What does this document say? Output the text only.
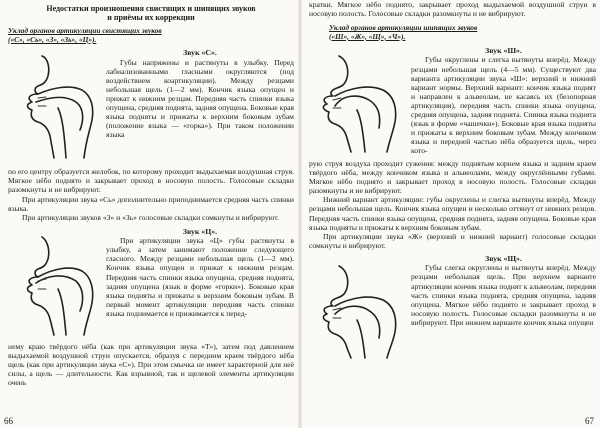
Недостатки произношения свистящих и шипящих звуков

и приёмы их коррекции

Уклад органов артикуляции свистящих звуков

(«С», «Сь», «З», «Зь», «Ц»).

Звук «С».

Губы напряжены и растянуты в улыбку. Перед лабиализованными гласными округляются (под воздействием коартикуляции). Между резцами небольшая щель (1—2 мм). Кончик языка опущен и прижат к нижним резцам. Передняя часть спинки языка опущена, средняя поднята, задняя опущена. Боковые края языка подняты и прижаты к верхним боковым зубам (положение языка — «горка»). При таком положении языка

по его центру образуется желобок, по которому проходит выдыхаемая воздушная струя. Мягкое нёбо поднято и закрывает проход в носовую полость. Голосовые складки разомкнуты и не вибрируют.

При артикуляции звука «Сь» дополнительно приподнимается средняя часть спинки языка.

При артикуляции звуков «З» и «Зь» голосовые складки сомкнуты и вибрируют.

Звук «Ц».

При артикуляции звука «Ц» губы растянуты в улыбку, а затем занимают положение следующего гласного. Между резцами небольшая щель (1—2 мм). Кончик языка опущен и прижат к нижним резцам. Передняя часть спинки языка опущена, средняя поднята, задняя опущена (язык в форме «горки»). Боковые края языка подняты и прижаты к верхним боковым зубам. В первый момент артикуляции передняя часть спинки языка поднимается и прижимается к перед-

нему краю твёрдого нёба (как при артикуляции звука «Т»), затем под давлением выдыхаемой воздушной струи опускается, образуя с передним краем твёрдого нёба щель (как при артикуляции звука «С»). При этом смычка не имеет характерной для неё силы, а щель — длительности. Как взрывной, так и щелевой элементы артикуляции очень

66

кратки. Мягкое нёбо поднято, закрывает проход выдыхаемой воздушной струи в носовую полость. Голосовые складки разомкнуты и не вибрируют.

Уклад органов артикуляции шипящих звуков

(«Ш», «Ж», «Щ», «Ч»).

Звук «Ш».

Губы округлены и слегка вытянуты вперёд. Между резцами небольшая щель (4—5 мм). Существуют два варианта артикуляции звука «Ш»: верхний и нижний вариант нормы. Верхний вариант: кончик языка поднят и направлен к альвеолам, не касаясь их (безопорная артикуляция), передняя часть спинки языка опущена, средняя опущена, задняя поднята. Спинка языка поднята (язык в форме «чашечки»). Боковые края языка подняты и прижаты к верхним боковым зубам. Между кончиком языка и передней частью нёба образуется щель, через кото-

рую струя воздуха проходит сужения: между поднятым корнем языка и задним краем твёрдого нёба, между кончиком языка и альвеолами, между округлёнными губами. Мягкое нёбо поднято и закрывает проход в носовую полость. Голосовые складки разомкнуты и не вибрируют.

Нижний вариант артикуляции: губы округлены и слегка вытянуты вперёд. Между резцами небольшая щель. Кончик языка опущен и несколько оттянут от нижних резцов. Передняя часть спинки языка опущена, средняя поднята, задняя опущена. Боковые края языка подняты и прижаты к верхним боковым зубам.

При артикуляции звука «Ж» (верхний и нижний вариант) голосовые складки сомкнуты и вибрируют.

Звук «Щ».

Губы слегка округлены и вытянуты вперёд. Между резцами небольшая щель. При верхнем варианте артикуляции кончик языка поднят к альвеолам, передняя часть спинки языка поднята, средняя опущена, задняя опущена. Мягкое нёбо поднято и закрывает проход в носовую полость. Голосовые складки разомкнуты и не вибрируют. При нижнем варианте кончик языка опущен

67
